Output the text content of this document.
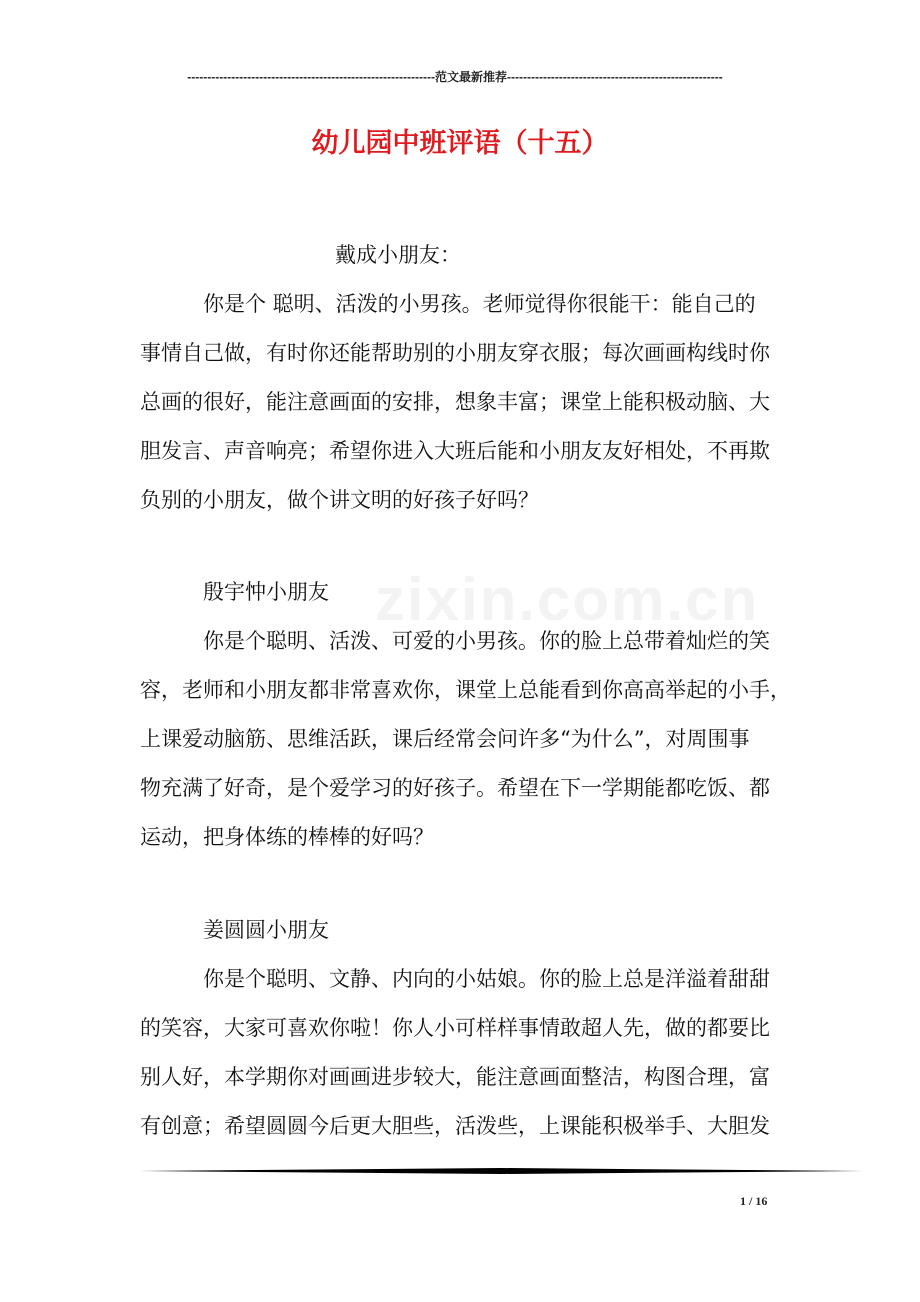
--------------------------------------------------------------范文最新推荐------------------------------------------------------
幼儿园中班评语（十五）
zixin.com.cn
戴成小朋友：
你是个 聪明、活泼的小男孩。老师觉得你很能干：能自己的
事情自己做，有时你还能帮助别的小朋友穿衣服；每次画画构线时你
总画的很好，能注意画面的安排，想象丰富；课堂上能积极动脑、大
胆发言、声音响亮；希望你进入大班后能和小朋友友好相处，不再欺
负别的小朋友，做个讲文明的好孩子好吗？
殷宇忡小朋友
你是个聪明、活泼、可爱的小男孩。你的脸上总带着灿烂的笑
容，老师和小朋友都非常喜欢你，课堂上总能看到你高高举起的小手，
上课爱动脑筋、思维活跃，课后经常会问许多“为什么”，对周围事
物充满了好奇，是个爱学习的好孩子。希望在下一学期能都吃饭、都
运动，把身体练的棒棒的好吗？
姜圆圆小朋友
你是个聪明、文静、内向的小姑娘。你的脸上总是洋溢着甜甜
的笑容，大家可喜欢你啦！你人小可样样事情敢超人先，做的都要比
别人好，本学期你对画画进步较大，能注意画面整洁，构图合理，富
有创意；希望圆圆今后更大胆些，活泼些，上课能积极举手、大胆发
1 / 16
